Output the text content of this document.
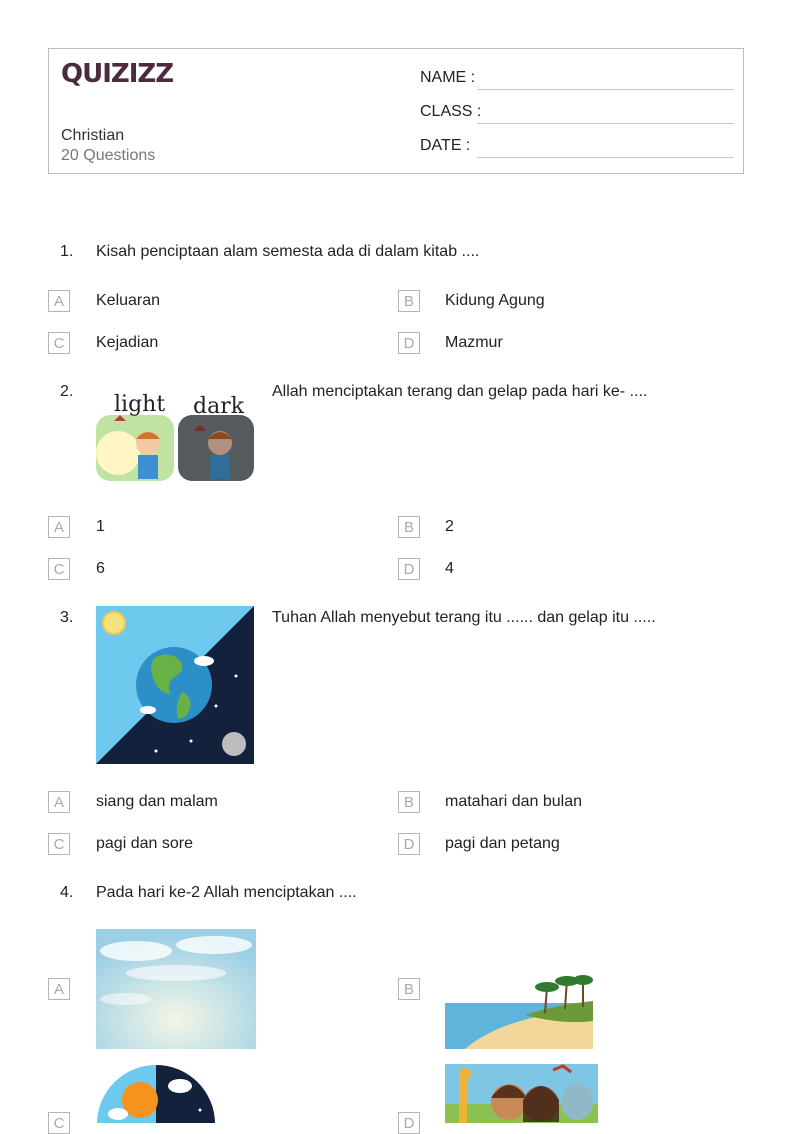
QUIZIZZ
Christian
20 Questions
NAME :
CLASS :
DATE :
1. Kisah penciptaan alam semesta ada di dalam kitab ....
A	Keluaran	B	Kidung Agung
C	Kejadian	D	Mazmur
2.
light dark
Allah menciptakan terang dan gelap pada hari ke- ....
A	1	B	2
C	6	D	4
3.	Tuhan Allah menyebut terang itu ...... dan gelap itu .....
A	siang dan malam	B	matahari dan bulan
C	pagi dan sore	D	pagi dan petang
4. Pada hari ke-2 Allah menciptakan ....
A	B
C	D
